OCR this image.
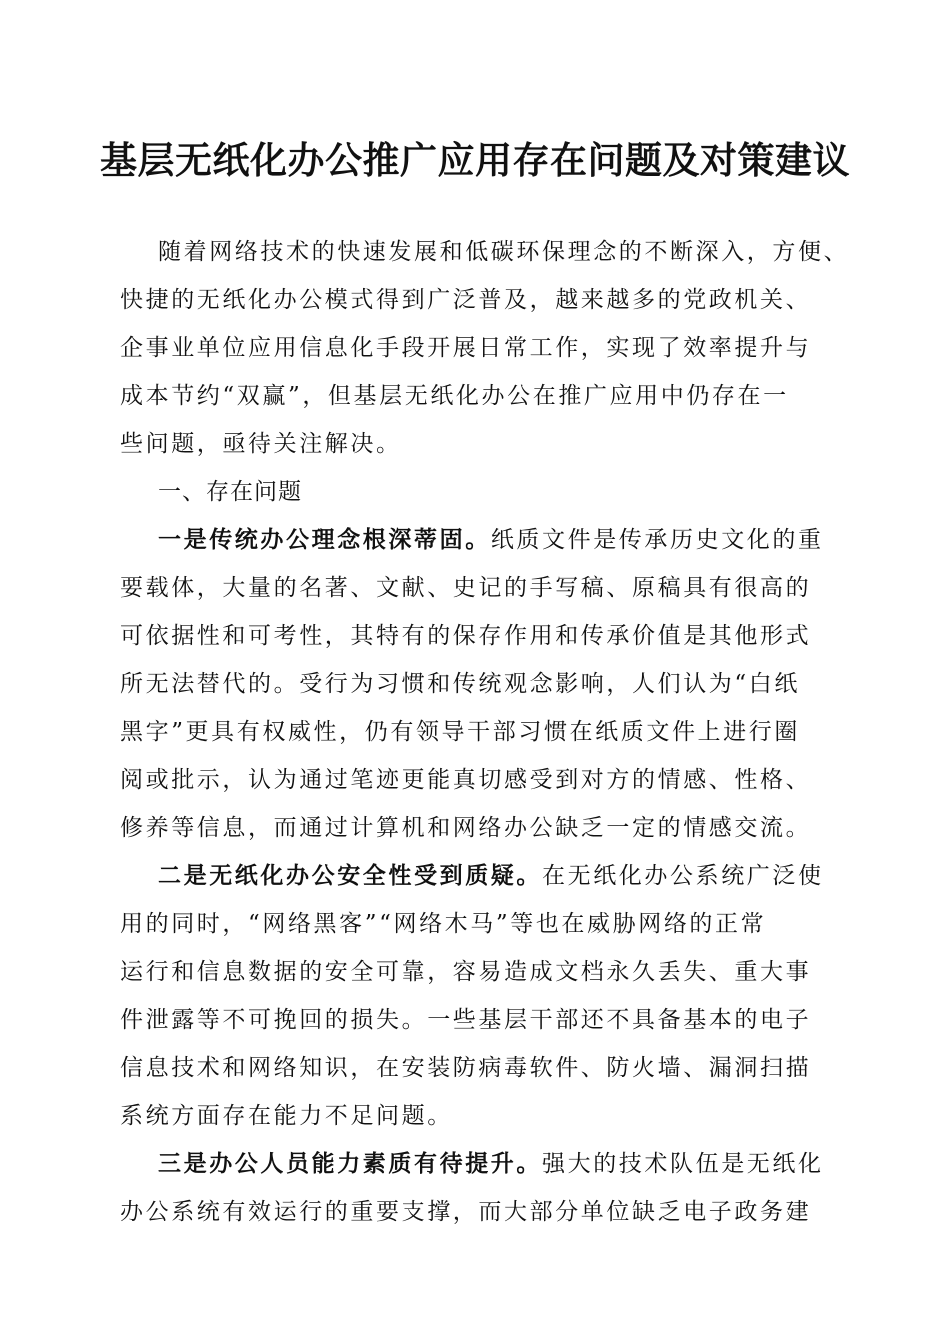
基层无纸化办公推广应用存在问题及对策建议
随着网络技术的快速发展和低碳环保理念的不断深入，方便、
快捷的无纸化办公模式得到广泛普及，越来越多的党政机关、
企事业单位应用信息化手段开展日常工作，实现了效率提升与
成本节约“双赢”，但基层无纸化办公在推广应用中仍存在一
些问题，亟待关注解决。
一、存在问题
一是传统办公理念根深蒂固。纸质文件是传承历史文化的重
要载体，大量的名著、文献、史记的手写稿、原稿具有很高的
可依据性和可考性，其特有的保存作用和传承价值是其他形式
所无法替代的。受行为习惯和传统观念影响，人们认为“白纸
黑字”更具有权威性，仍有领导干部习惯在纸质文件上进行圈
阅或批示，认为通过笔迹更能真切感受到对方的情感、性格、
修养等信息，而通过计算机和网络办公缺乏一定的情感交流。
二是无纸化办公安全性受到质疑。在无纸化办公系统广泛使
用的同时，“网络黑客”“网络木马”等也在威胁网络的正常
运行和信息数据的安全可靠，容易造成文档永久丢失、重大事
件泄露等不可挽回的损失。一些基层干部还不具备基本的电子
信息技术和网络知识，在安装防病毒软件、防火墙、漏洞扫描
系统方面存在能力不足问题。
三是办公人员能力素质有待提升。强大的技术队伍是无纸化
办公系统有效运行的重要支撑，而大部分单位缺乏电子政务建
